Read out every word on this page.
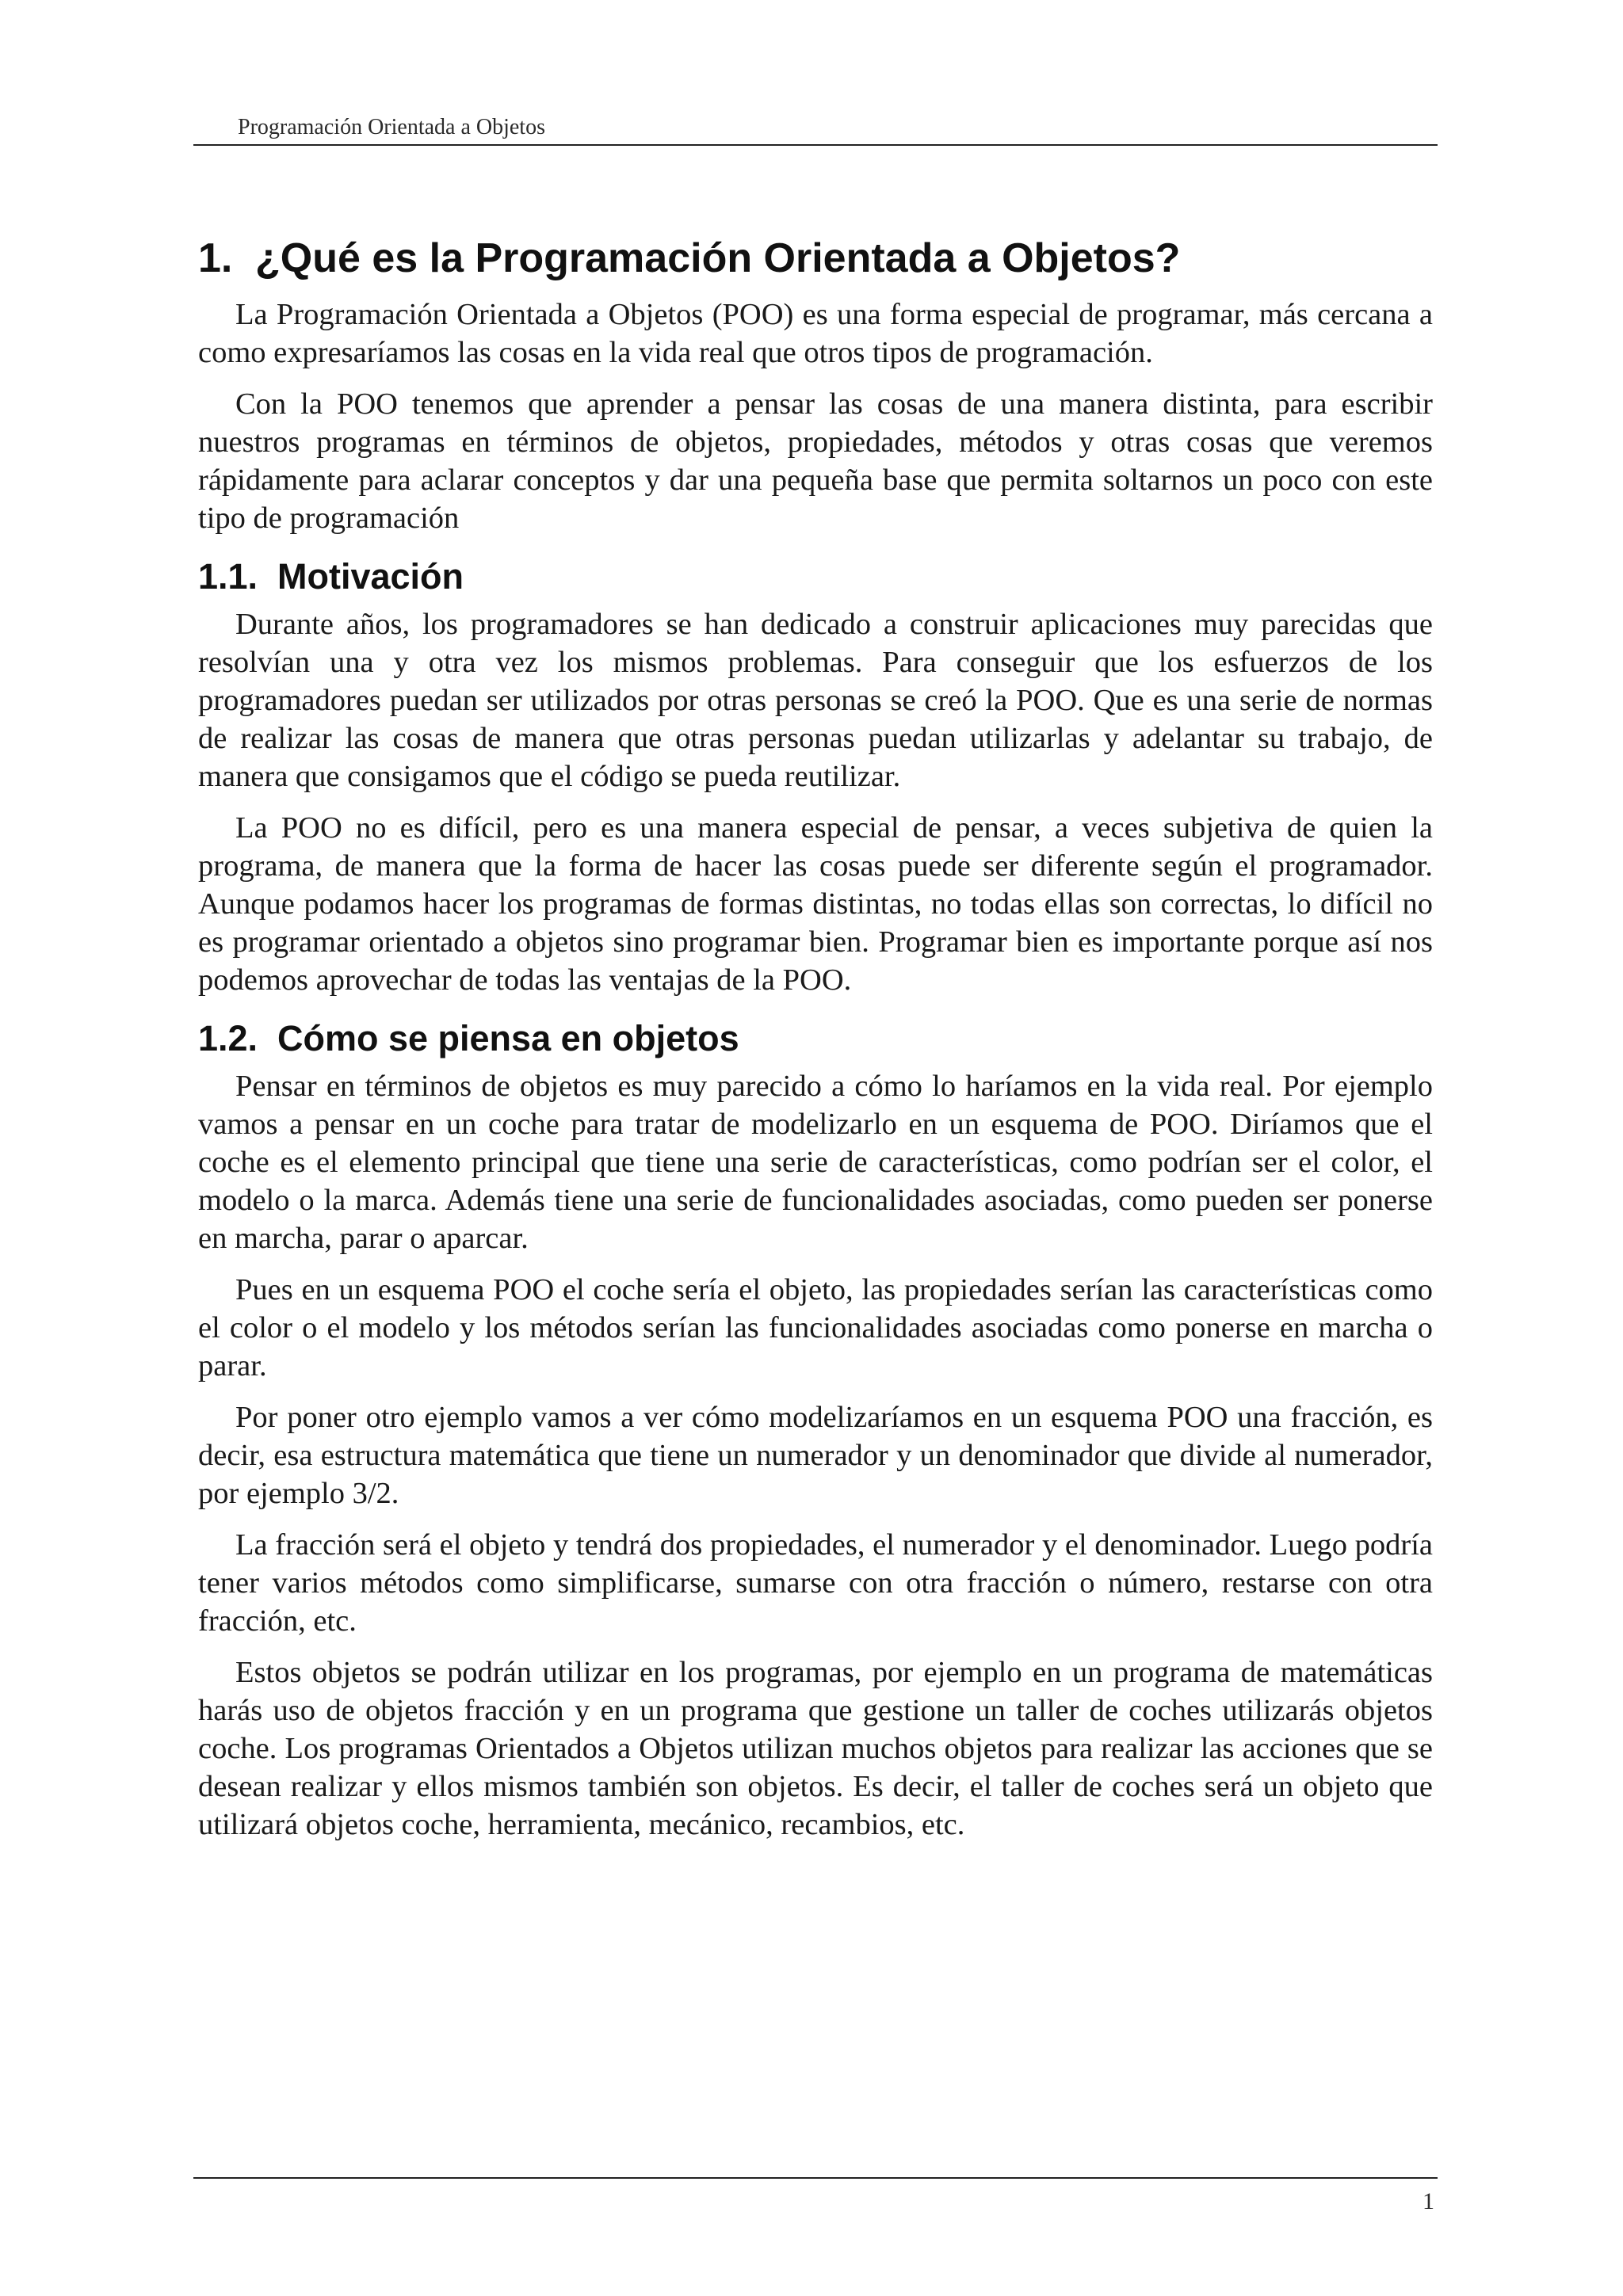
Programación Orientada a Objetos
1. ¿Qué es la Programación Orientada a Objetos?

La Programación Orientada a Objetos (POO) es una forma especial de programar, más cercana a como expresaríamos las cosas en la vida real que otros tipos de programación.

Con la POO tenemos que aprender a pensar las cosas de una manera distinta, para escribir nuestros programas en términos de objetos, propiedades, métodos y otras cosas que veremos rápidamente para aclarar conceptos y dar una pequeña base que permita soltarnos un poco con este tipo de programación

1.1. Motivación

Durante años, los programadores se han dedicado a construir aplicaciones muy parecidas que resolvían una y otra vez los mismos problemas. Para conseguir que los esfuerzos de los programadores puedan ser utilizados por otras personas se creó la POO. Que es una serie de normas de realizar las cosas de manera que otras personas puedan utilizarlas y adelantar su trabajo, de manera que consigamos que el código se pueda reutilizar.

La POO no es difícil, pero es una manera especial de pensar, a veces subjetiva de quien la programa, de manera que la forma de hacer las cosas puede ser diferente según el programador. Aunque podamos hacer los programas de formas distintas, no todas ellas son correctas, lo difícil no es programar orientado a objetos sino programar bien. Programar bien es importante porque así nos podemos aprovechar de todas las ventajas de la POO.

1.2. Cómo se piensa en objetos

Pensar en términos de objetos es muy parecido a cómo lo haríamos en la vida real. Por ejemplo vamos a pensar en un coche para tratar de modelizarlo en un esquema de POO. Diríamos que el coche es el elemento principal que tiene una serie de características, como podrían ser el color, el modelo o la marca. Además tiene una serie de funcionalidades asociadas, como pueden ser ponerse en marcha, parar o aparcar.

Pues en un esquema POO el coche sería el objeto, las propiedades serían las características como el color o el modelo y los métodos serían las funcionalidades asociadas como ponerse en marcha o parar.

Por poner otro ejemplo vamos a ver cómo modelizaríamos en un esquema POO una fracción, es decir, esa estructura matemática que tiene un numerador y un denominador que divide al numerador, por ejemplo 3/2.

La fracción será el objeto y tendrá dos propiedades, el numerador y el denominador. Luego podría tener varios métodos como simplificarse, sumarse con otra fracción o número, restarse con otra fracción, etc.

Estos objetos se podrán utilizar en los programas, por ejemplo en un programa de matemáticas harás uso de objetos fracción y en un programa que gestione un taller de coches utilizarás objetos coche. Los programas Orientados a Objetos utilizan muchos objetos para realizar las acciones que se desean realizar y ellos mismos también son objetos. Es decir, el taller de coches será un objeto que utilizará objetos coche, herramienta, mecánico, recambios, etc.

1
